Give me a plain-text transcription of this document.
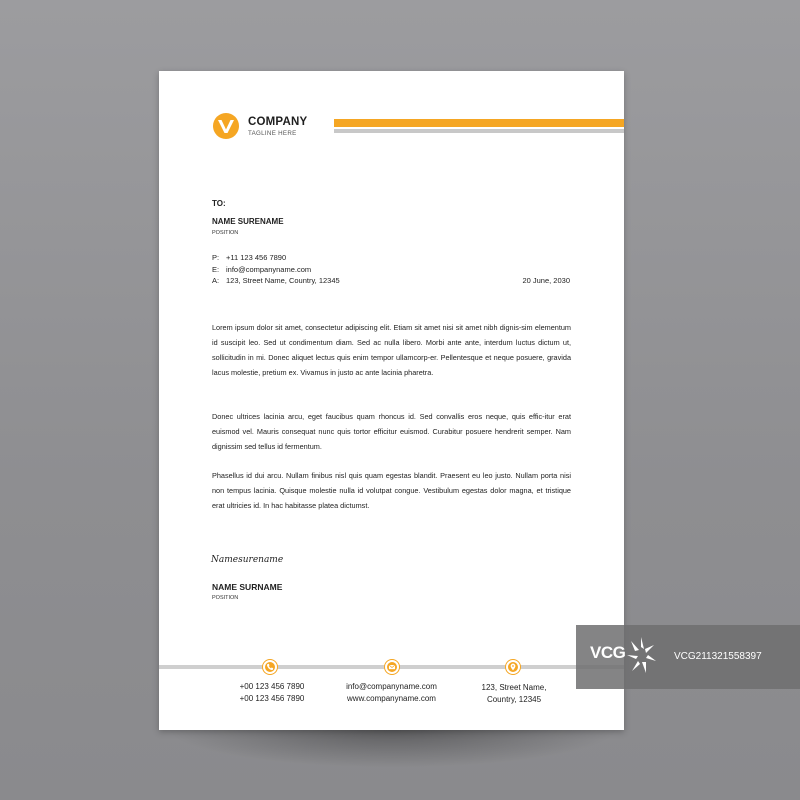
COMPANY
TAGLINE HERE
TO:
NAME SURENAME
POSITION
P: +11 123 456 7890
E: info@companyname.com
A: 123, Street Name, Country, 12345	20 June, 2030
Lorem ipsum dolor sit amet, consectetur adipiscing elit. Etiam sit amet nisi sit amet nibh dignis-sim elementum id suscipit leo. Sed ut condimentum diam. Sed ac nulla libero. Morbi ante ante, interdum luctus dictum ut, sollicitudin in mi. Donec aliquet lectus quis enim tempor ullamcorp-er. Pellentesque et neque posuere, gravida lacus molestie, pretium ex. Vivamus in justo ac ante lacinia pharetra.
Donec ultrices lacinia arcu, eget faucibus quam rhoncus id. Sed convallis eros neque, quis effic-itur erat euismod vel. Mauris consequat nunc quis tortor efficitur euismod. Curabitur posuere hendrerit semper. Nam dignissim sed tellus id fermentum.
Phasellus id dui arcu. Nullam finibus nisl quis quam egestas blandit. Praesent eu leo justo. Nullam porta nisi non tempus lacinia. Quisque molestie nulla id volutpat congue. Vestibulum egestas dolor magna, et tristique erat ultricies id. In hac habitasse platea dictumst.
Namesurename
NAME SURNAME
POSITION
+00 123 456 7890
+00 123 456 7890
info@companyname.com
www.companyname.com
123, Street Name,
Country, 12345
VCG	VCG211321558397
